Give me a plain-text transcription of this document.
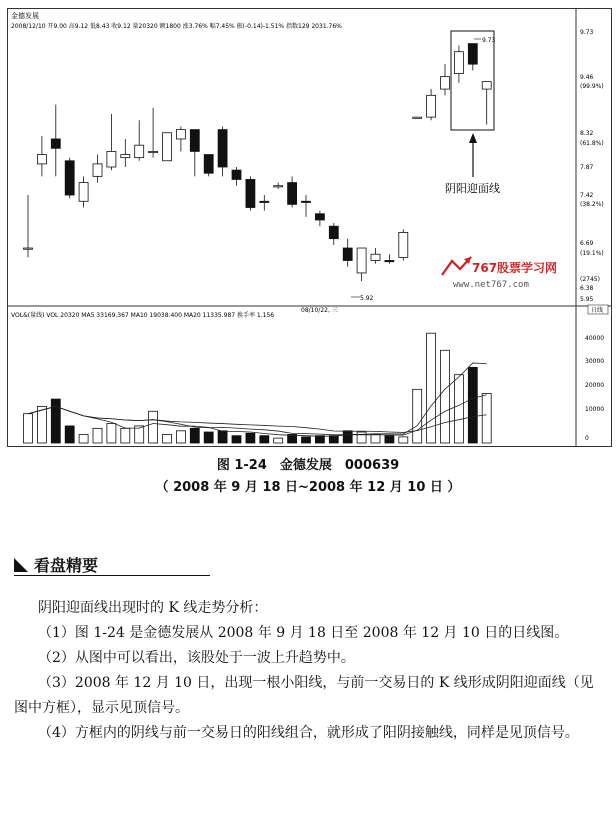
金德发展
2008/12/10 开9.00 高9.12 低8.43 收9.12 量20320 额1800 涨3.76% 幅7.45% 振(-0.14)-1.51% 指数129 2031.76%
VOL&(量线) VOL 20320 MA5 33169.367 MA10 19038.400 MA20 11335.987 换手率 1.156
08/10/22, 三
9.73
9.46
(99.9%)
8.32
(61.8%)
7.87
7.42
(38.2%)
6.69
(19.1%)
(2745)
6.38
5.95
日线
40000
30000
20000
10000
0
阴阳迎面线
9.73
5.92
767股票学习网
www.net767.com
图 1-24　金德发展　000639
（ 2008 年 9 月 18 日~2008 年 12 月 10 日 ）
看盘精要
阴阳迎面线出现时的 K 线走势分析：
（1）图 1-24 是金德发展从 2008 年 9 月 18 日至 2008 年 12 月 10 日的日线图。
（2）从图中可以看出，该股处于一波上升趋势中。
（3）2008 年 12 月 10 日，出现一根小阳线，与前一交易日的 K 线形成阴阳迎面线（见图中方框），显示见顶信号。
（4）方框内的阴线与前一交易日的阳线组合，就形成了阳阴接触线，同样是见顶信号。
